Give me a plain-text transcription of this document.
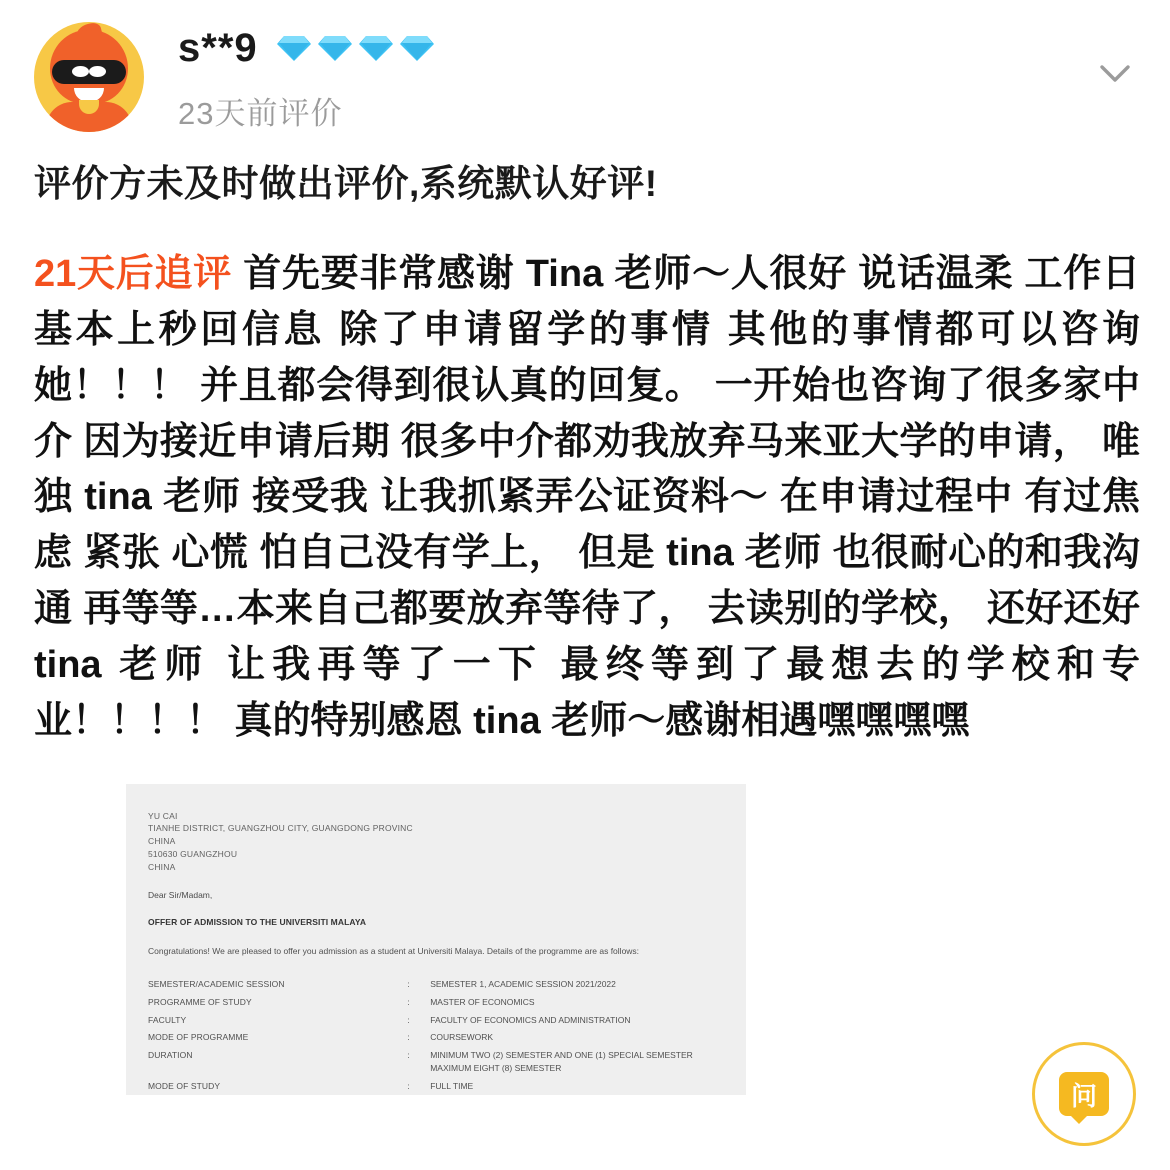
s**9
23天前评价
评价方未及时做出评价,系统默认好评!
21天后追评 首先要非常感谢 Tina 老师～人很好 说话温柔 工作日基本上秒回信息 除了申请留学的事情 其他的事情都可以咨询她！！！ 并且都会得到很认真的回复。 一开始也咨询了很多家中介 因为接近申请后期 很多中介都劝我放弃马来亚大学的申请， 唯独 tina 老师 接受我 让我抓紧弄公证资料～ 在申请过程中 有过焦虑 紧张 心慌 怕自己没有学上， 但是 tina 老师 也很耐心的和我沟通 再等等…本来自己都要放弃等待了， 去读别的学校， 还好还好 tina 老师 让我再等了一下 最终等到了最想去的学校和专业！！！！ 真的特别感恩 tina 老师～感谢相遇嘿嘿嘿嘿
YU CAI
TIANHE DISTRICT, GUANGZHOU CITY, GUANGDONG PROVINC
CHINA
510630 GUANGZHOU
CHINA
Dear Sir/Madam,
OFFER OF ADMISSION TO THE UNIVERSITI MALAYA
Congratulations! We are pleased to offer you admission as a student at Universiti Malaya. Details of the programme are as follows:
SEMESTER/ACADEMIC SESSION	:	SEMESTER 1, ACADEMIC SESSION 2021/2022
PROGRAMME OF STUDY	:	MASTER OF ECONOMICS
FACULTY	:	FACULTY OF ECONOMICS AND ADMINISTRATION
MODE OF PROGRAMME	:	COURSEWORK
DURATION	:	MINIMUM TWO (2) SEMESTER AND ONE (1) SPECIAL SEMESTER MAXIMUM EIGHT (8) SEMESTER
MODE OF STUDY	:	FULL TIME	问
